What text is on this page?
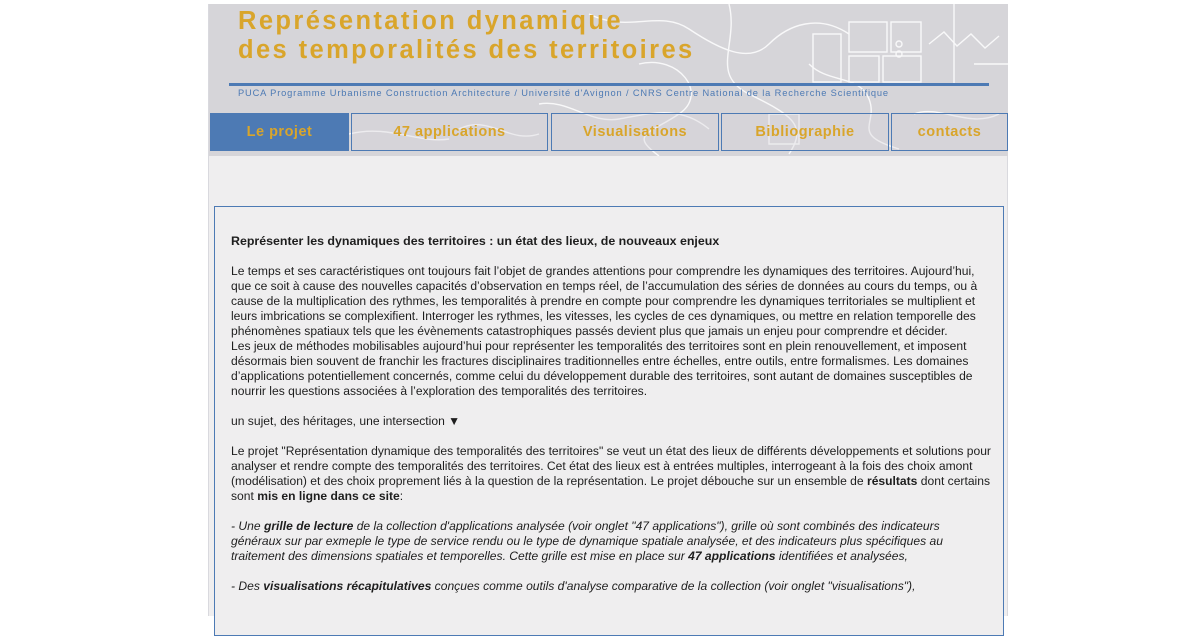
Représentation dynamique
des temporalités des territoires
PUCA Programme Urbanisme Construction Architecture / Université d'Avignon / CNRS Centre National de la Recherche Scientifique
Le projet	47 applications	Visualisations	Bibliographie	contacts

Représenter les dynamiques des territoires : un état des lieux, de nouveaux enjeux

Le temps et ses caractéristiques ont toujours fait l’objet de grandes attentions pour comprendre les dynamiques des territoires. Aujourd’hui, que ce soit à cause des nouvelles capacités d’observation en temps réel, de l’accumulation des séries de données au cours du temps, ou à cause de la multiplication des rythmes, les temporalités à prendre en compte pour comprendre les dynamiques territoriales se multiplient et leurs imbrications se complexifient. Interroger les rythmes, les vitesses, les cycles de ces dynamiques, ou mettre en relation temporelle des phénomènes spatiaux tels que les évènements catastrophiques passés devient plus que jamais un enjeu pour comprendre et décider.

Les jeux de méthodes mobilisables aujourd’hui pour représenter les temporalités des territoires sont en plein renouvellement, et imposent désormais bien souvent de franchir les fractures disciplinaires traditionnelles entre échelles, entre outils, entre formalismes. Les domaines d’applications potentiellement concernés, comme celui du développement durable des territoires, sont autant de domaines susceptibles de nourrir les questions associées à l’exploration des temporalités des territoires.

un sujet, des héritages, une intersection ▼

Le projet "Représentation dynamique des temporalités des territoires" se veut un état des lieux de différents développements et solutions pour analyser et rendre compte des temporalités des territoires. Cet état des lieux est à entrées multiples, interrogeant à la fois des choix amont (modélisation) et des choix proprement liés à la question de la représentation. Le projet débouche sur un ensemble de résultats dont certains sont mis en ligne dans ce site:

- Une grille de lecture de la collection d'applications analysée (voir onglet "47 applications"), grille où sont combinés des indicateurs généraux sur par exmeple le type de service rendu ou le type de dynamique spatiale analysée, et des indicateurs plus spécifiques au traitement des dimensions spatiales et temporelles. Cette grille est mise en place sur 47 applications identifiées et analysées,

- Des visualisations récapitulatives conçues comme outils d'analyse comparative de la collection (voir onglet "visualisations"),
